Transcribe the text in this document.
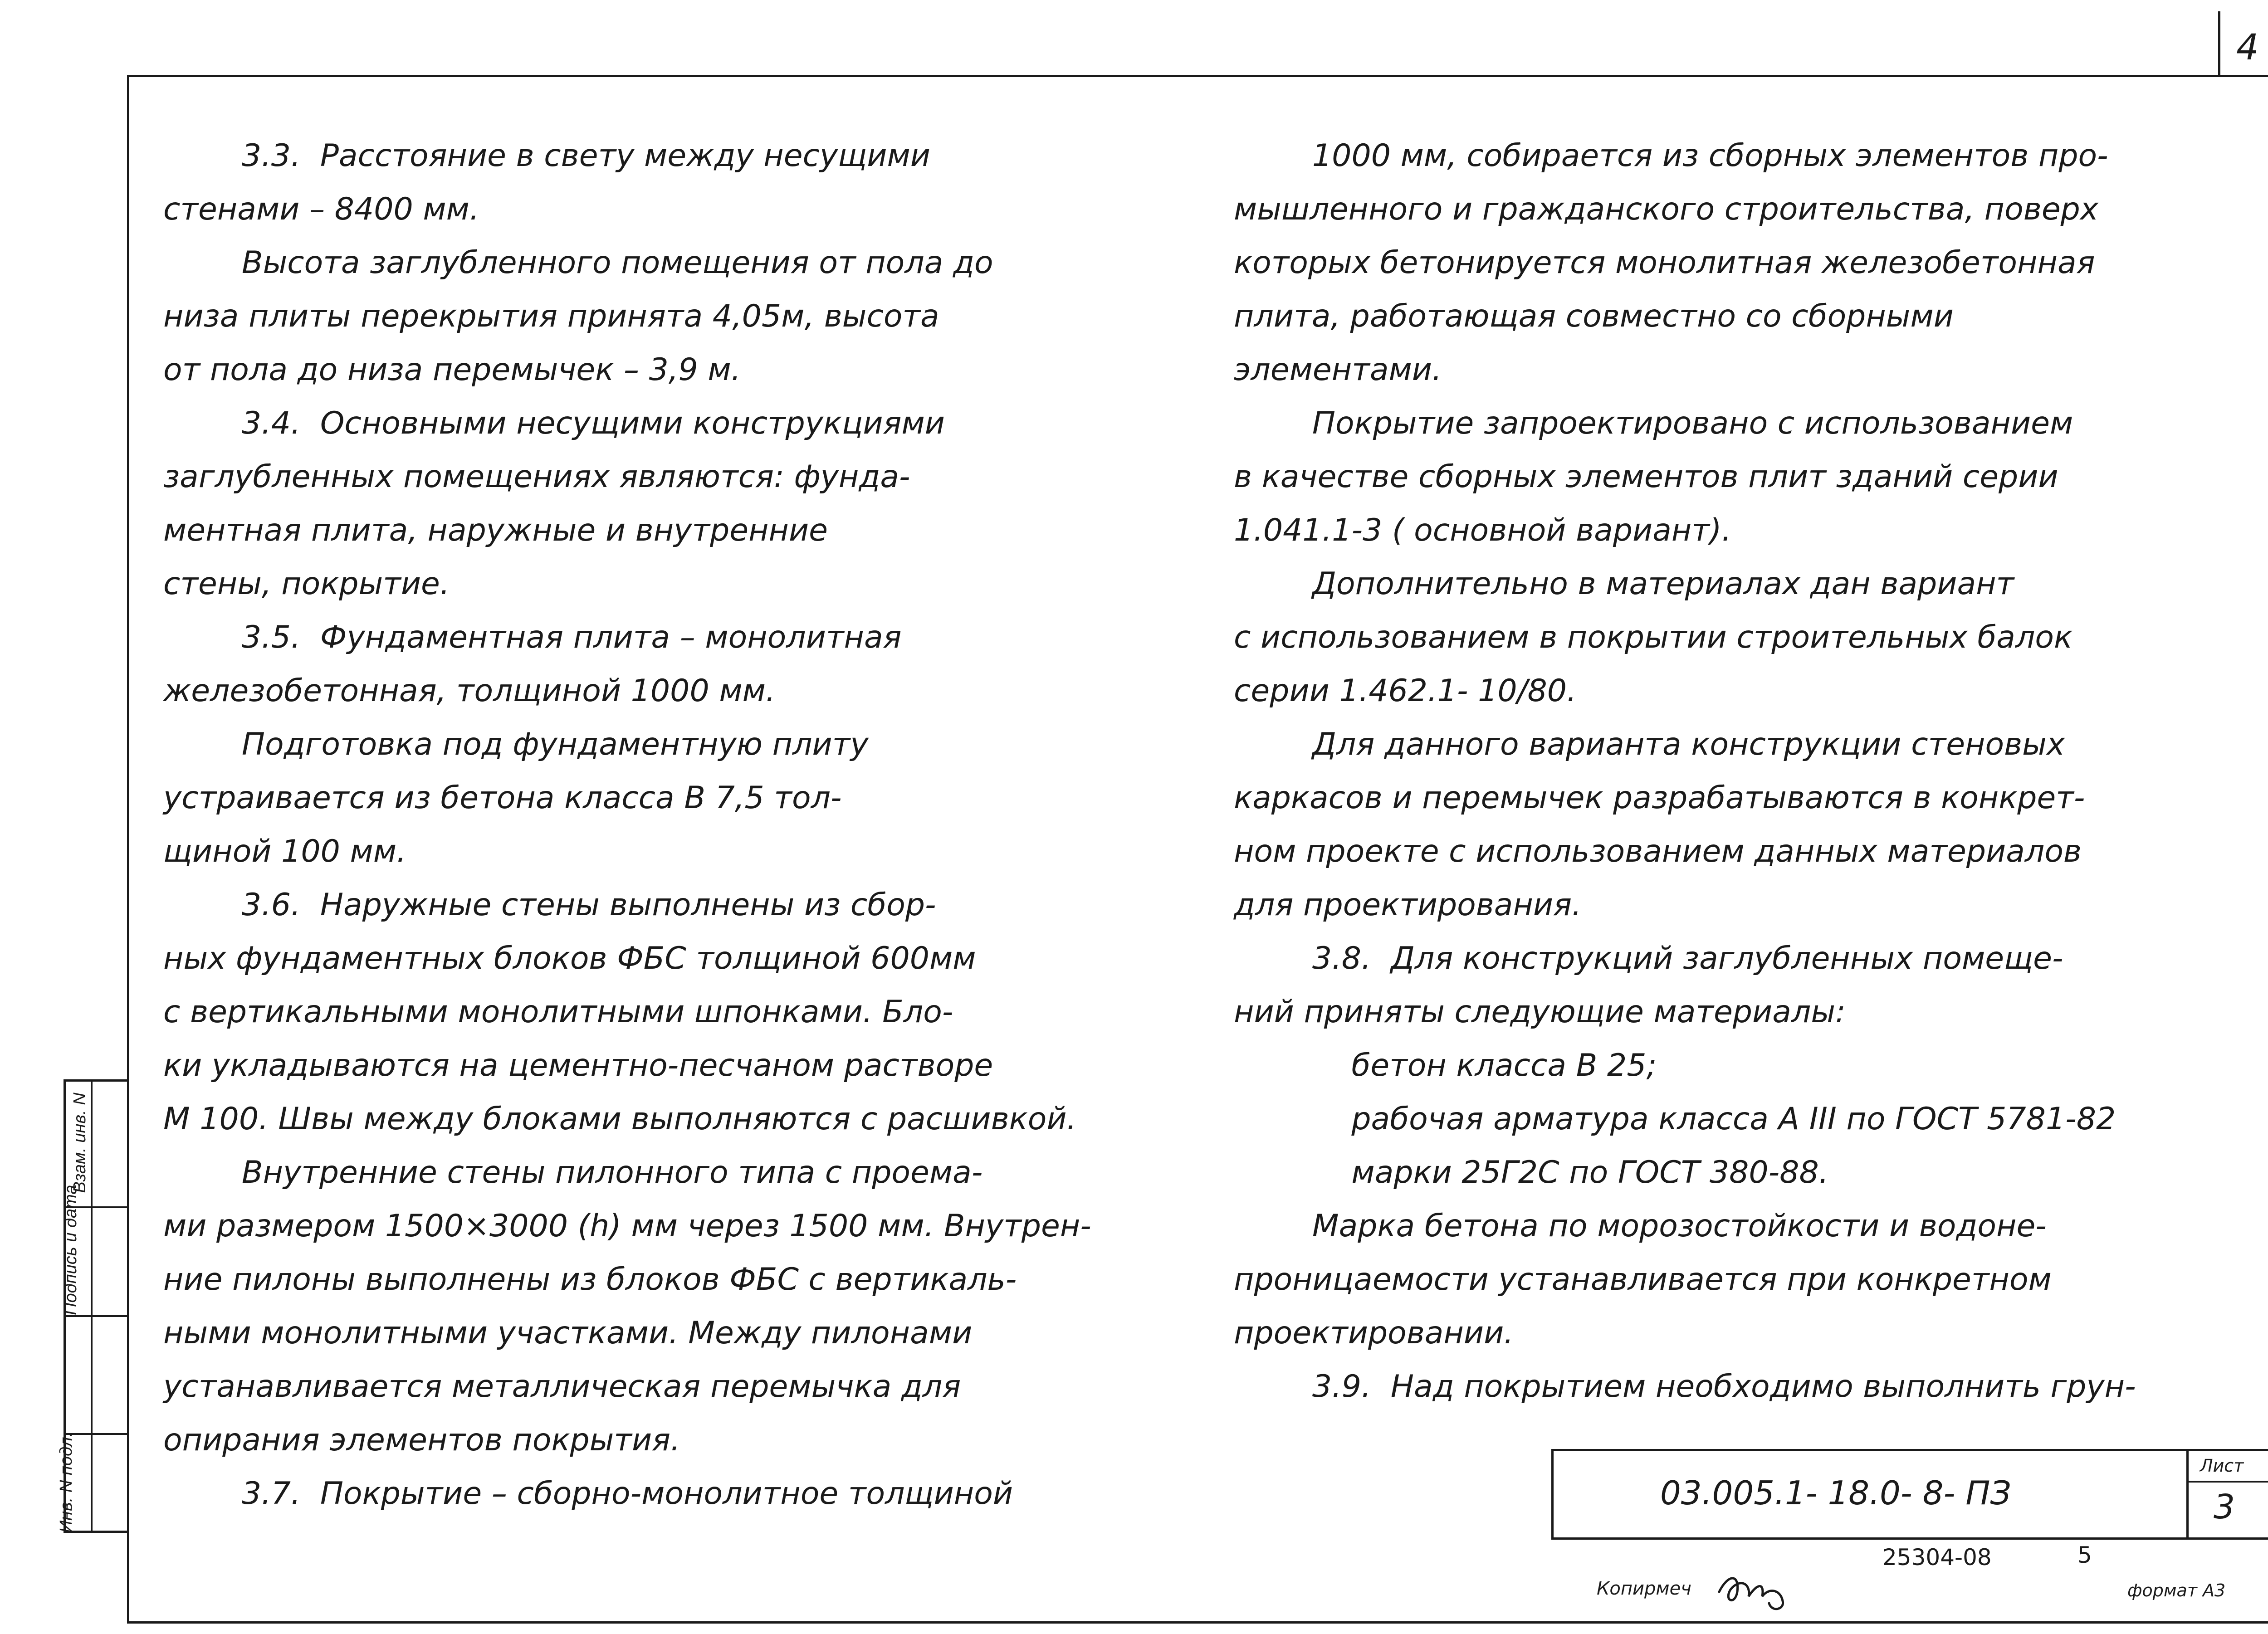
4
Взам. инв. N
Подпись и дата
Инв. N подл.

3.3.  Расстояние в свету между несущими
стенами – 8400 мм.

Высота заглубленного помещения от пола до
низа плиты перекрытия принята 4,05м, высота
от пола до низа перемычек – 3,9 м.

3.4.  Основными несущими конструкциями
заглубленных помещениях являются: фунда-
ментная плита, наружные и внутренние
стены, покрытие.

3.5.  Фундаментная плита – монолитная
железобетонная, толщиной 1000 мм.

Подготовка под фундаментную плиту
устраивается из бетона класса В 7,5 тол-
щиной 100 мм.

3.6.  Наружные стены выполнены из сбор-
ных фундаментных блоков ФБС толщиной 600мм
с вертикальными монолитными шпонками. Бло-
ки укладываются на цементно-песчаном растворе
М 100. Швы между блоками выполняются с расшивкой.

Внутренние стены пилонного типа с проема-
ми размером 1500×3000 (h) мм через 1500 мм. Внутрен-
ние пилоны выполнены из блоков ФБС с вертикаль-
ными монолитными участками. Между пилонами
устанавливается металлическая перемычка для
опирания элементов покрытия.

3.7.  Покрытие – сборно-монолитное толщиной

1000 мм, собирается из сборных элементов про-
мышленного и гражданского строительства, поверх
которых бетонируется монолитная железобетонная
плита, работающая совместно со сборными
элементами.

Покрытие запроектировано с использованием
в качестве сборных элементов плит зданий серии
1.041.1-3 ( основной вариант).

Дополнительно в материалах дан вариант
с использованием в покрытии строительных балок
серии 1.462.1- 10/80.

Для данного варианта конструкции стеновых
каркасов и перемычек разрабатываются в конкрет-
ном проекте с использованием данных материалов
для проектирования.

3.8.  Для конструкций заглубленных помеще-
ний приняты следующие материалы:
бетон класса В 25;
рабочая арматура класса А III по ГОСТ 5781-82
марки 25Г2С по ГОСТ 380-88.

Марка бетона по морозостойкости и водоне-
проницаемости устанавливается при конкретном
проектировании.

3.9.  Над покрытием необходимо выполнить грун-

03.005.1- 18.0- 8- ПЗ
Лист
3
25304-08	5
Копирмеч	формат А3
